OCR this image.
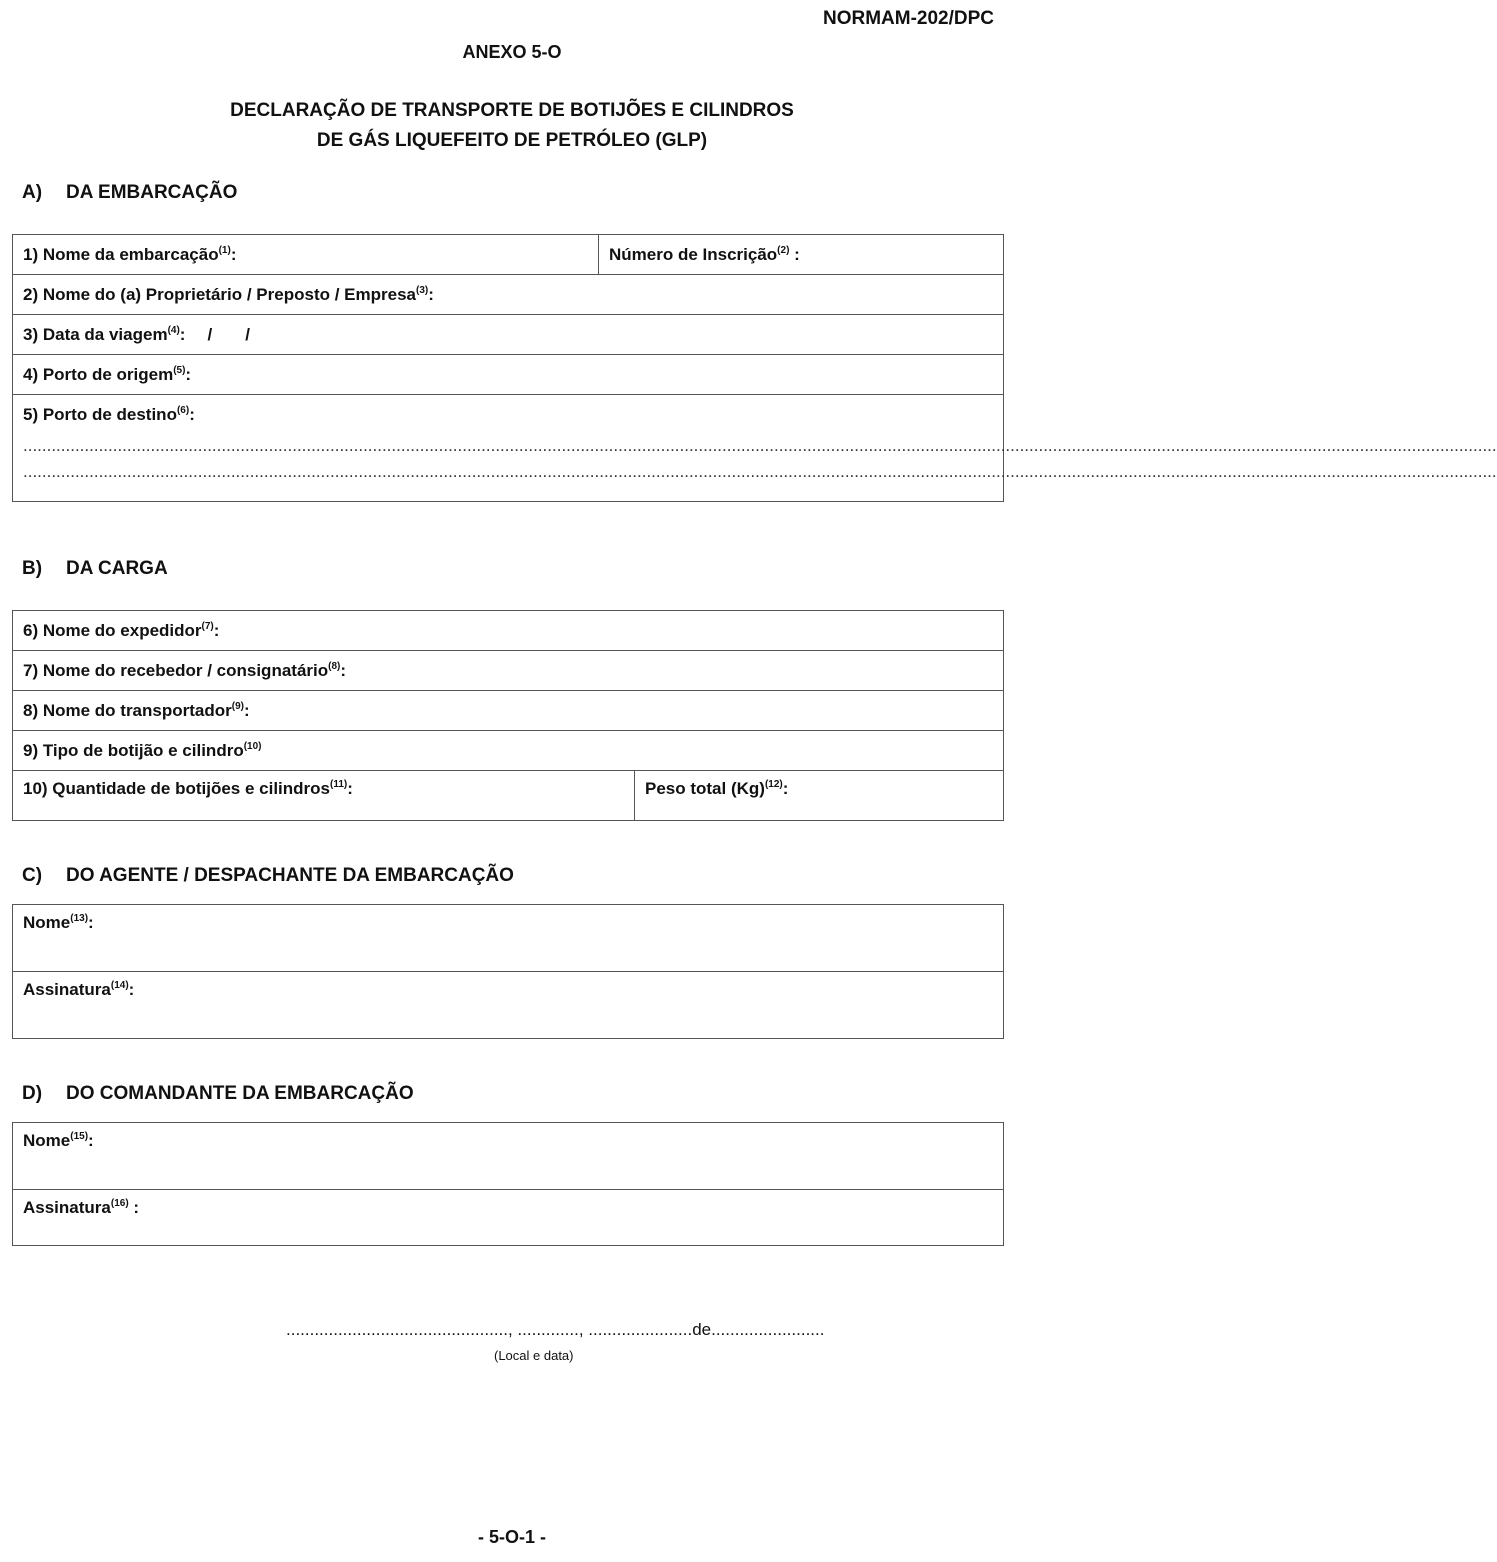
NORMAM-202/DPC
ANEXO 5-O
DECLARAÇÃO DE TRANSPORTE DE BOTIJÕES E CILINDROS
DE GÁS LIQUEFEITO DE PETRÓLEO (GLP)
A) DA EMBARCAÇÃO
1) Nome da embarcação$^{(1)}$:	Número de Inscrição$^{(2)}$ :
2) Nome do (a) Proprietário / Preposto / Empresa$^{(3)}$:
3) Data da viagem$^{(4)}$: /       /
4) Porto de origem$^{(5)}$:

5) Porto de destino$^{(6)}$:
........................................................................................................................................................................................................................................................................................................................
........................................................................................................................................................................................................................................................................................................................
B) DA CARGA
6) Nome do expedidor$^{(7)}$:
7) Nome do recebedor / consignatário$^{(8)}$:
8) Nome do transportador$^{(9)}$:
9) Tipo de botijão e cilindro$^{(10)}$
10) Quantidade de botijões e cilindros$^{(11)}$:	Peso total $(Kg)^{(12)}$:
C) DO AGENTE / DESPACHANTE DA EMBARCAÇÃO
Nome$^{(13)}$:
Assinatura$^{(14)}$:
D) DO COMANDANTE DA EMBARCAÇÃO
Nome$^{(15)}$:
Assinatura$^{(16)}$ :
..............................................., ............., ......................de........................
(Local e data)
- 5-O-1 -
